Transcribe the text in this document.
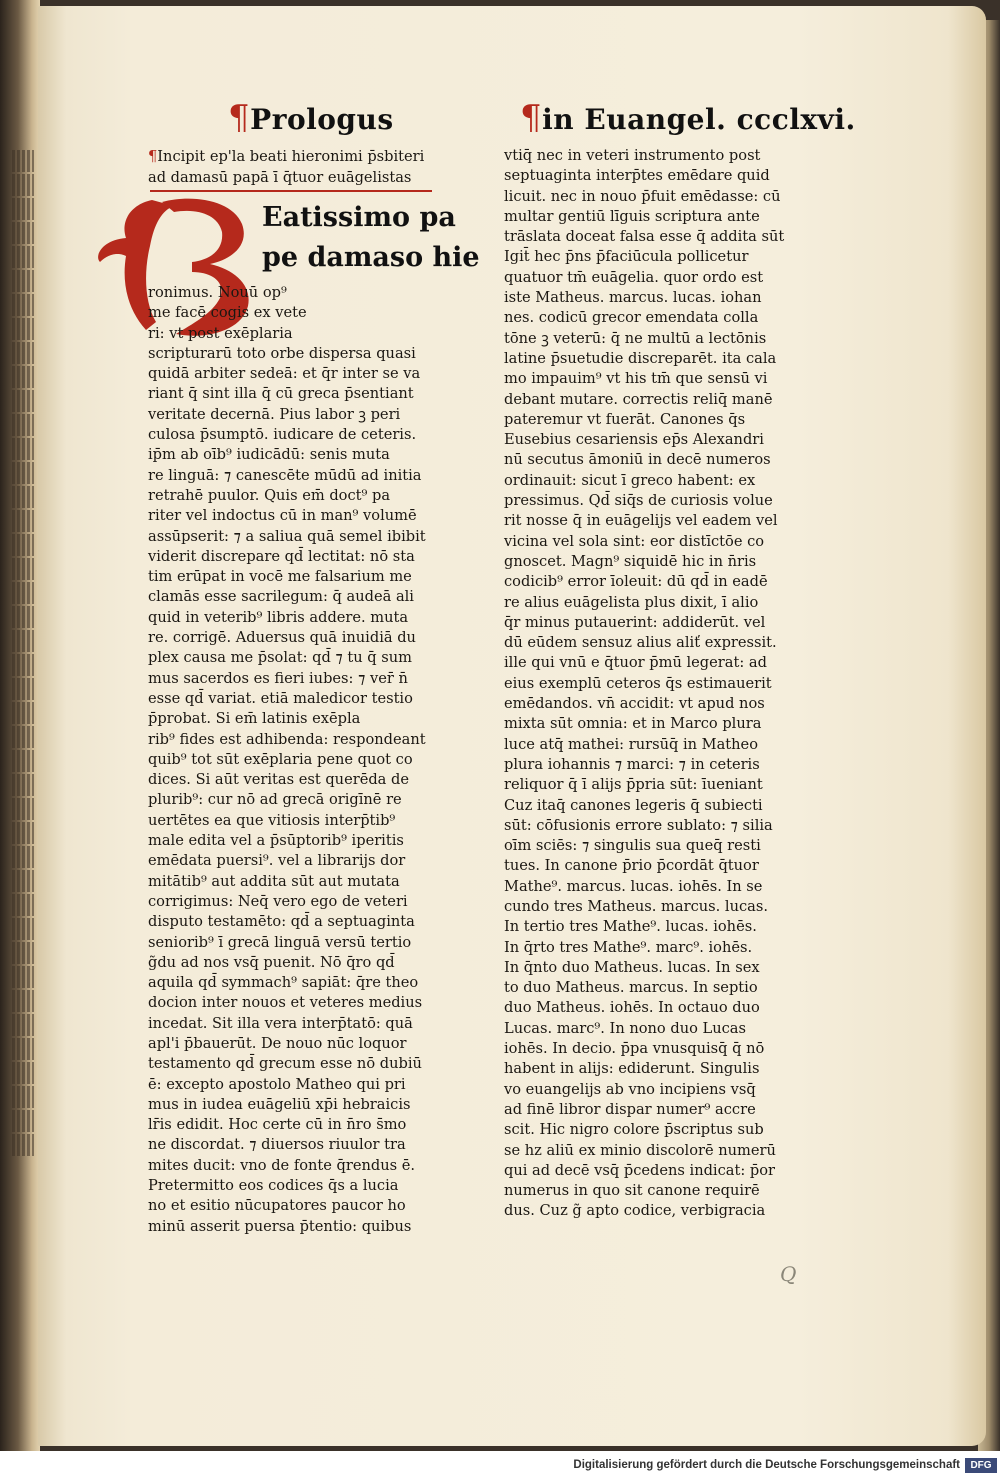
¶Prologus	¶in Euangel. ccclxvi.
¶Incipit ep'la beati hieronimi p̄sbiteri
ad damasū papā ī q̄tuor euāgelistas
Eatissimo pa
pe damaso hie
ronimus. Nouū op⁹
me facē cogis ex vete
ri: vt post exēplaria
scripturarū toto orbe dispersa quasi
quidā arbiter sedeā: et q̄r inter se va
riant q̄ sint illa q̄ cū greca p̄sentiant
veritate decernā. Pius labor ꝫ peri
culosa p̄sumptō. iudicare de ceteris.
ip̄m ab oīb⁹ iudicādū: senis muta
re linguā: ⁊ canescēte mūdū ad initia
retrahē puulor. Quis em̄ doct⁹ pa
riter vel indoctus cū in man⁹ volumē
assūpserit: ⁊ a saliua quā semel ibibit
viderit discrepare qd̄ lectitat: nō sta
tim erūpat in vocē me falsarium me
clamās esse sacrilegum: q̄ audeā ali
quid in veterib⁹ libris addere. muta
re. corrigē. Aduersus quā inuidiā du
plex causa me p̄solat: qd̄ ⁊ tu q̄ sum
mus sacerdos es fieri iubes: ⁊ ver̄ n̄
esse qd̄ variat. etiā maledicor testio
p̄probat. Si em̄ latinis exēpla
rib⁹ fides est adhibenda: respondeant
quib⁹ tot sūt exēplaria pene quot co
dices. Si aūt veritas est querēda de
plurib⁹: cur nō ad grecā origīnē re
uertētes ea que vitiosis interp̄tib⁹
male edita vel a p̄sūptorib⁹ iperitis
emēdata puersi⁹. vel a librarijs dor
mitātib⁹ aut addita sūt aut mutata
corrigimus: Neq̄ vero ego de veteri
disputo testamēto: qd̄ a septuaginta
seniorib⁹ ī grecā linguā versū tertio
g̃du ad nos vsq̄ puenit. Nō q̄ro qd̄
aquila qd̄ symmach⁹ sapiāt: q̄re theo
docion inter nouos et veteres medius
incedat. Sit illa vera interp̄tatō: quā
apl'i p̄bauerūt. De nouo nūc loquor
testamento qd̄ grecum esse nō dubiū
ē: excepto apostolo Matheo qui pri
mus in iudea euāgeliū xp̄i hebraicis
lr̄is edidit. Hoc certe cū in n̄ro s̄mo
ne discordat. ⁊ diuersos riuulor tra
mites ducit: vno de fonte q̄rendus ē.
Pretermitto eos codices q̄s a lucia
no et esitio nūcupatores paucor ho
minū asserit puersa p̄tentio: quibus
vtiq̄ nec in veteri instrumento post
septuaginta interp̄tes emēdare quid
licuit. nec in nouo p̄fuit emēdasse: cū
multar gentiū līguis scriptura ante
trāslata doceat falsa esse q̄ addita sūt
Igit̄ hec p̄ns p̄faciūcula pollicetur
quatuor tm̄ euāgelia. quor ordo est
iste Matheus. marcus. lucas. iohan
nes. codicū grecor emendata colla
tōne ꝫ veterū: q̄ ne multū a lectōnis
latine p̄suetudie discreparēt. ita cala
mo impauim⁹ vt his tm̄ que sensū vi
debant mutare. correctis reliq̄ manē
pateremur vt fuerāt. Canones q̄s
Eusebius cesariensis ep̄s Alexandri
nū secutus āmoniū in decē numeros
ordinauit: sicut ī greco habent: ex
pressimus. Qd̄ siq̄s de curiosis volue
rit nosse q̄ in euāgelijs vel eadem vel
vicina vel sola sint: eor distīctōe co
gnoscet. Magn⁹ siquidē hic in n̄ris
codicib⁹ error īoleuit: dū qd̄ in eadē
re alius euāgelista plus dixit, ī alio
q̄r minus putauerint: addiderūt. vel
dū eūdem sensuz alius aliť expressit.
ille qui vnū e q̄tuor p̄mū legerat: ad
eius exemplū ceteros q̄s estimauerit
emēdandos. vn̄ accidit: vt apud nos
mixta sūt omnia: et in Marco plura
luce atq̄ mathei: rursūq̄ in Matheo
plura iohannis ⁊ marci: ⁊ in ceteris
reliquor q̄ ī alijs p̄pria sūt: īueniant
Cuz itaq̄ canones legeris q̄ subiecti
sūt: cōfusionis errore sublato: ⁊ silia
oīm sciēs: ⁊ singulis sua queq̄ resti
tues. In canone p̄rio p̄cordāt q̄tuor
Mathe⁹. marcus. lucas. iohēs. In se
cundo tres Matheus. marcus. lucas.
In tertio tres Mathe⁹. lucas. iohēs.
In q̄rto tres Mathe⁹. marc⁹. iohēs.
In q̄nto duo Matheus. lucas. In sex
to duo Matheus. marcus. In septio
duo Matheus. iohēs. In octauo duo
Lucas. marc⁹. In nono duo Lucas
iohēs. In decio. p̄pa vnusquisq̄ q̄ nō
habent in alijs: ediderunt. Singulis
vo euangelijs ab vno incipiens vsq̄
ad finē libror dispar numer⁹ accre
scit. Hic nigro colore p̄scriptus sub
se hz aliū ex minio discolorē numerū
qui ad decē vsq̄ p̄cedens indicat: p̄or
numerus in quo sit canone requirē
dus. Cuz g̃ apto codice, verbigracia
Q
Digitalisierung gefördert durch die Deutsche Forschungsgemeinschaft	DFG
